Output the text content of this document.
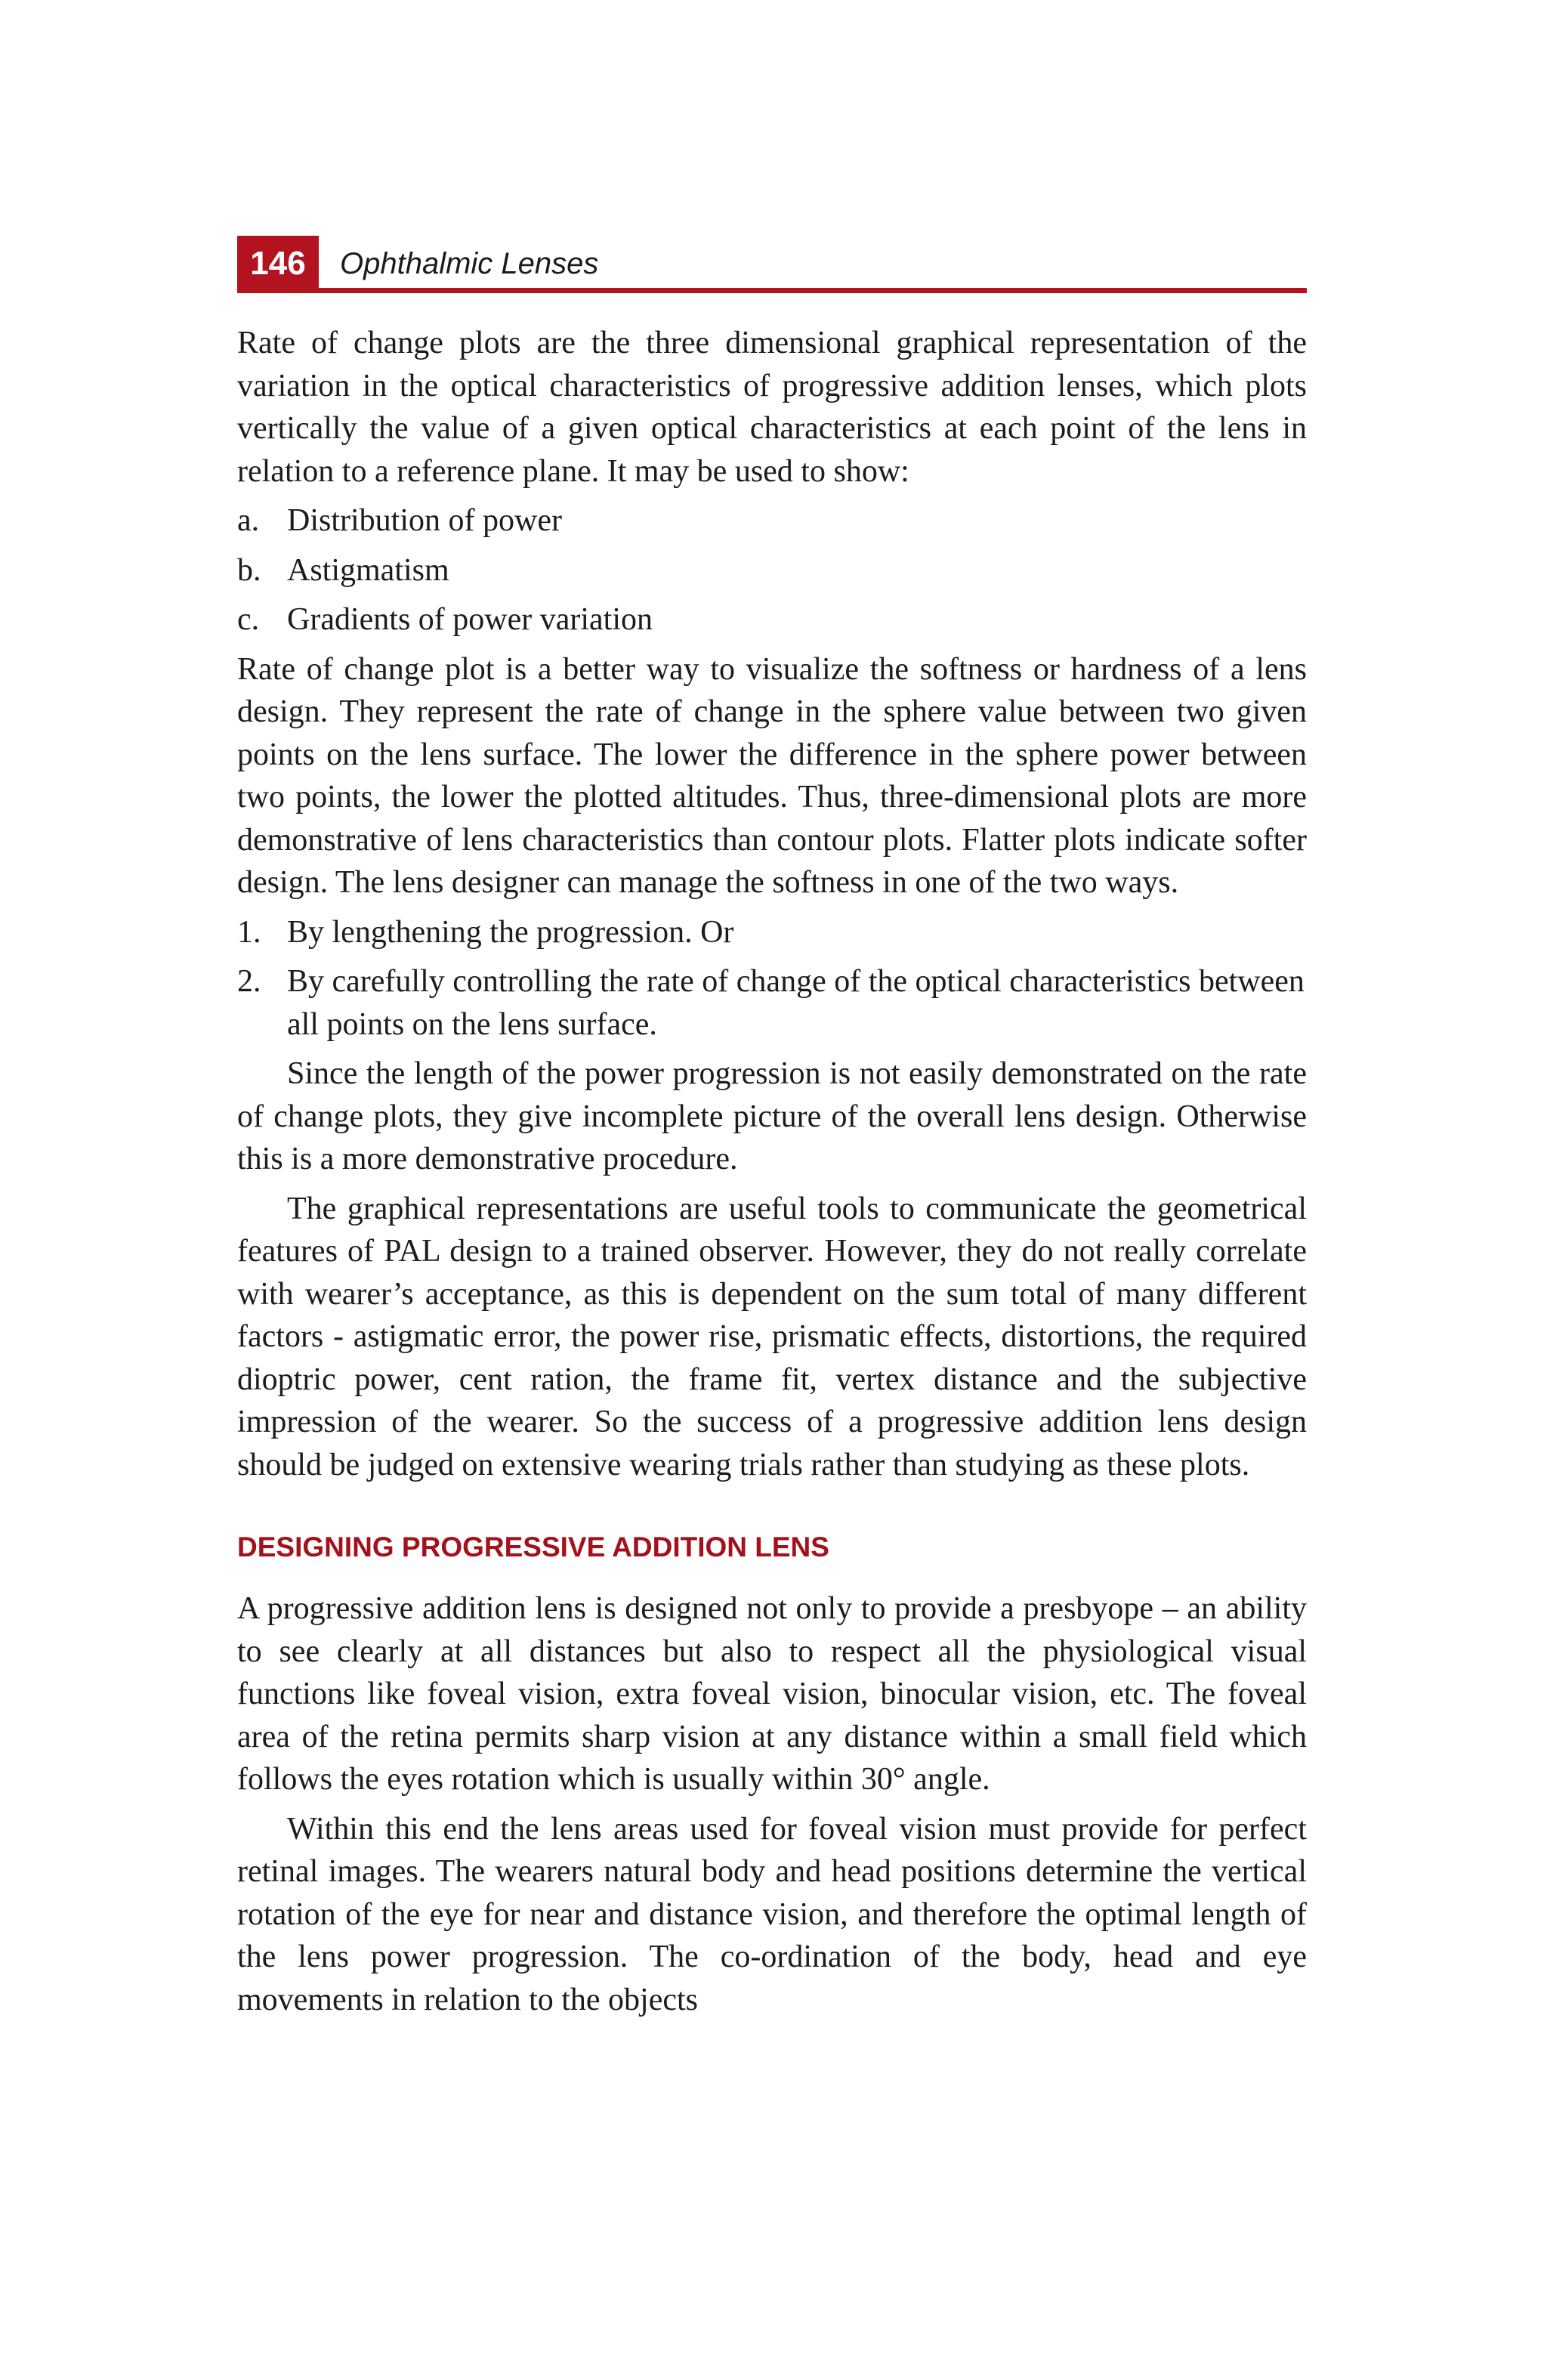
146	Ophthalmic Lenses

Rate of change plots are the three dimensional graphical representation of the variation in the optical characteristics of progressive addition lenses, which plots vertically the value of a given optical characteristics at each point of the lens in relation to a reference plane. It may be used to show:

a. Distribution of power
b. Astigmatism
c. Gradients of power variation

Rate of change plot is a better way to visualize the softness or hardness of a lens design. They represent the rate of change in the sphere value between two given points on the lens surface. The lower the difference in the sphere power between two points, the lower the plotted altitudes. Thus, three-dimensional plots are more demonstrative of lens characteristics than contour plots. Flatter plots indicate softer design. The lens designer can manage the softness in one of the two ways.

1. By lengthening the progression. Or
2. By carefully controlling the rate of change of the optical characteristics between all points on the lens surface.

Since the length of the power progression is not easily demonstrated on the rate of change plots, they give incomplete picture of the overall lens design. Otherwise this is a more demonstrative procedure.

The graphical representations are useful tools to communicate the geometrical features of PAL design to a trained observer. However, they do not really correlate with wearer’s acceptance, as this is dependent on the sum total of many different factors - astigmatic error, the power rise, prismatic effects, distortions, the required dioptric power, cent ration, the frame fit, vertex distance and the subjective impression of the wearer. So the success of a progressive addition lens design should be judged on extensive wearing trials rather than studying as these plots.

DESIGNING PROGRESSIVE ADDITION LENS

A progressive addition lens is designed not only to provide a presbyope – an ability to see clearly at all distances but also to respect all the physiological visual functions like foveal vision, extra foveal vision, binocular vision, etc. The foveal area of the retina permits sharp vision at any distance within a small field which follows the eyes rotation which is usually within 30° angle.

Within this end the lens areas used for foveal vision must provide for perfect retinal images. The wearers natural body and head positions determine the vertical rotation of the eye for near and distance vision, and therefore the optimal length of the lens power progression. The co-ordination of the body, head and eye movements in relation to the objects
